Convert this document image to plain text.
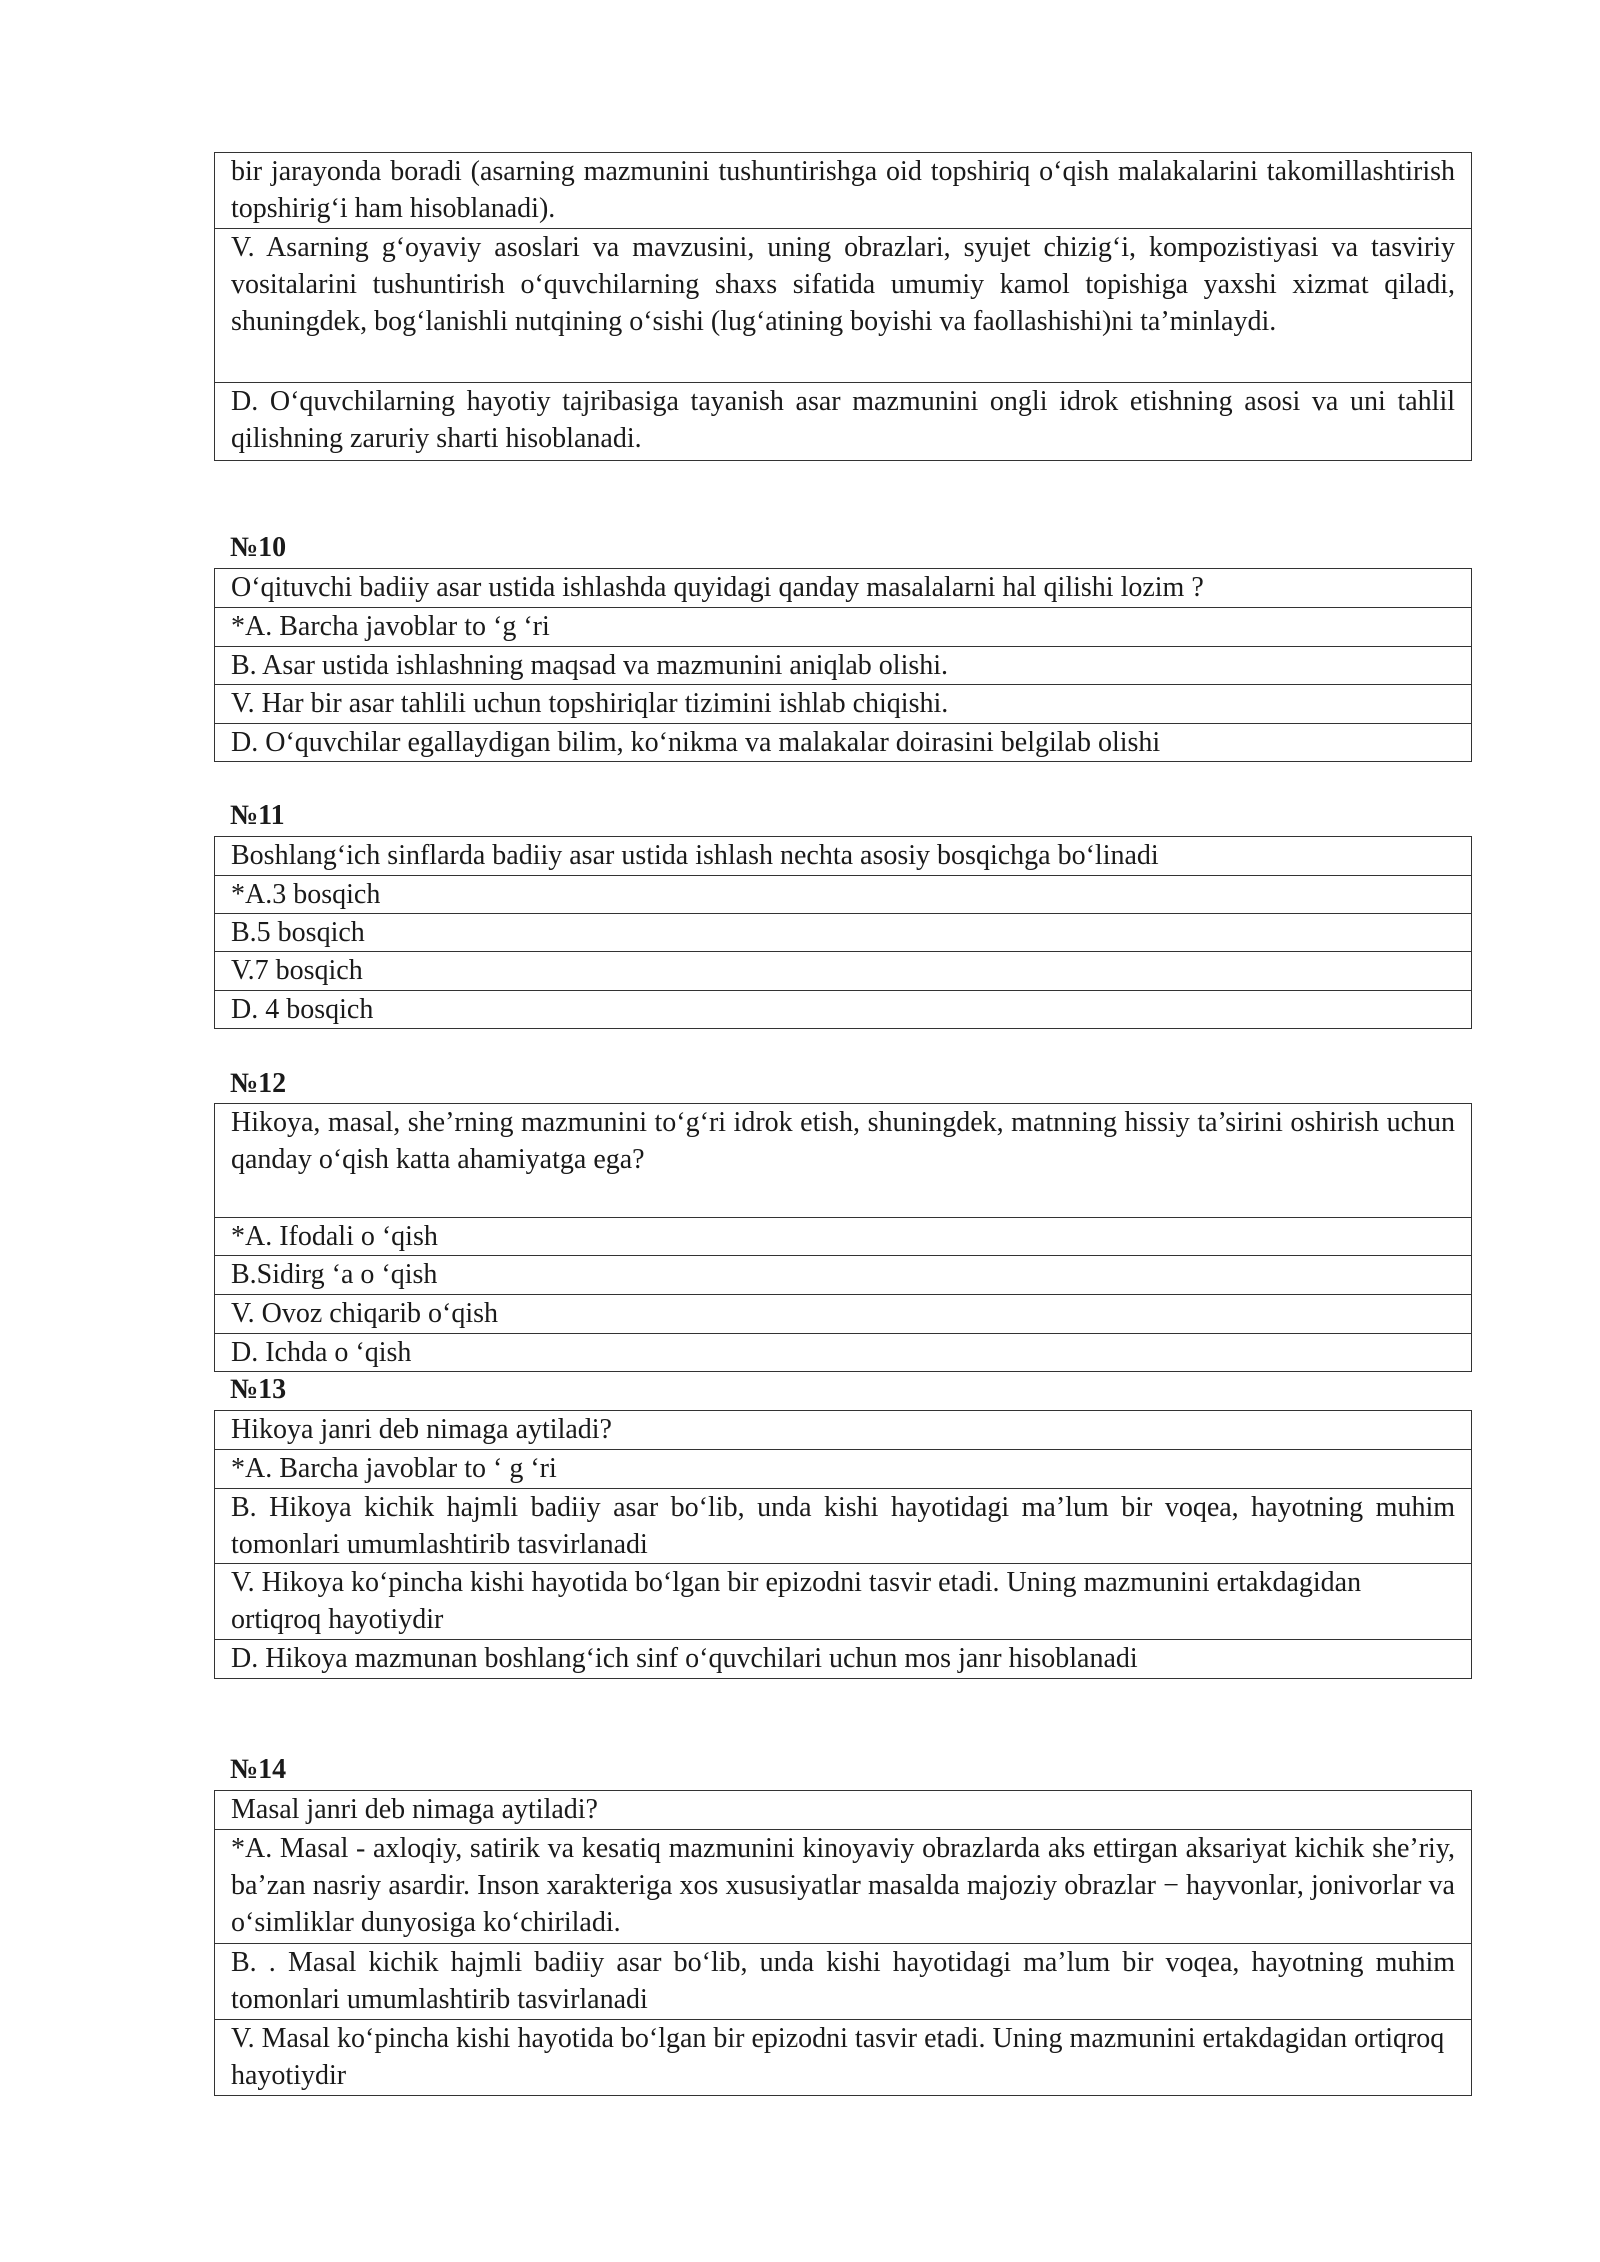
bir jarayonda boradi (asarning mazmunini tushuntirishga oid topshiriq o‘qish malakalarini takomillashtirish topshirig‘i ham hisoblanadi).
V. Asarning g‘oyaviy asoslari va mavzusini, uning obrazlari, syujet chizig‘i, kompozistiyasi va tasviriy vositalarini tushuntirish o‘quvchilarning shaxs sifatida umumiy kamol topishiga yaxshi xizmat qiladi, shuningdek, bog‘lanishli nutqining o‘sishi (lug‘atining boyishi va faollashishi)ni ta’minlaydi.
D. O‘quvchilarning hayotiy tajribasiga tayanish asar mazmunini ongli idrok etishning asosi va uni tahlil qilishning zaruriy sharti hisoblanadi.
№10
O‘qituvchi badiiy asar ustida ishlashda quyidagi qanday masalalarni hal qilishi lozim ?
*A. Barcha javoblar to ‘g ‘ri
B. Asar ustida ishlashning maqsad va mazmunini aniqlab olishi.
V. Har bir asar tahlili uchun topshiriqlar tizimini ishlab chiqishi.
D. O‘quvchilar egallaydigan bilim, ko‘nikma va malakalar doirasini belgilab olishi
№11
Boshlang‘ich sinflarda badiiy asar ustida ishlash nechta asosiy bosqichga bo‘linadi
*A.3 bosqich
B.5 bosqich
V.7 bosqich
D. 4 bosqich
№12
Hikoya, masal, she’rning mazmunini to‘g‘ri idrok etish, shuningdek, matnning hissiy ta’sirini oshirish uchun qanday o‘qish katta ahamiyatga ega?
*A. Ifodali o ‘qish
B.Sidirg ‘a o ‘qish
V. Ovoz chiqarib o‘qish
D. Ichda o ‘qish
№13
Hikoya janri deb nimaga aytiladi?
*A. Barcha javoblar to ‘ g ‘ri
B. Hikoya kichik hajmli badiiy asar bo‘lib, unda kishi hayotidagi ma’lum bir voqea, hayotning muhim tomonlari umumlashtirib tasvirlanadi
V. Hikoya ko‘pincha kishi hayotida bo‘lgan bir epizodni tasvir etadi. Uning mazmunini ertakdagidan ortiqroq hayotiydir
D. Hikoya mazmunan boshlang‘ich sinf o‘quvchilari uchun mos janr hisoblanadi
№14
Masal janri deb nimaga aytiladi?
*A. Masal - axloqiy, satirik va kesatiq mazmunini kinoyaviy obrazlarda aks ettirgan aksariyat kichik she’riy, ba’zan nasriy asardir. Inson xarakteriga xos xususiyatlar masalda majoziy obrazlar − hayvonlar, jonivorlar va o‘simliklar dunyosiga ko‘chiriladi.
B. . Masal kichik hajmli badiiy asar bo‘lib, unda kishi hayotidagi ma’lum bir voqea, hayotning muhim tomonlari umumlashtirib tasvirlanadi
V. Masal ko‘pincha kishi hayotida bo‘lgan bir epizodni tasvir etadi. Uning mazmunini ertakdagidan ortiqroq hayotiydir
